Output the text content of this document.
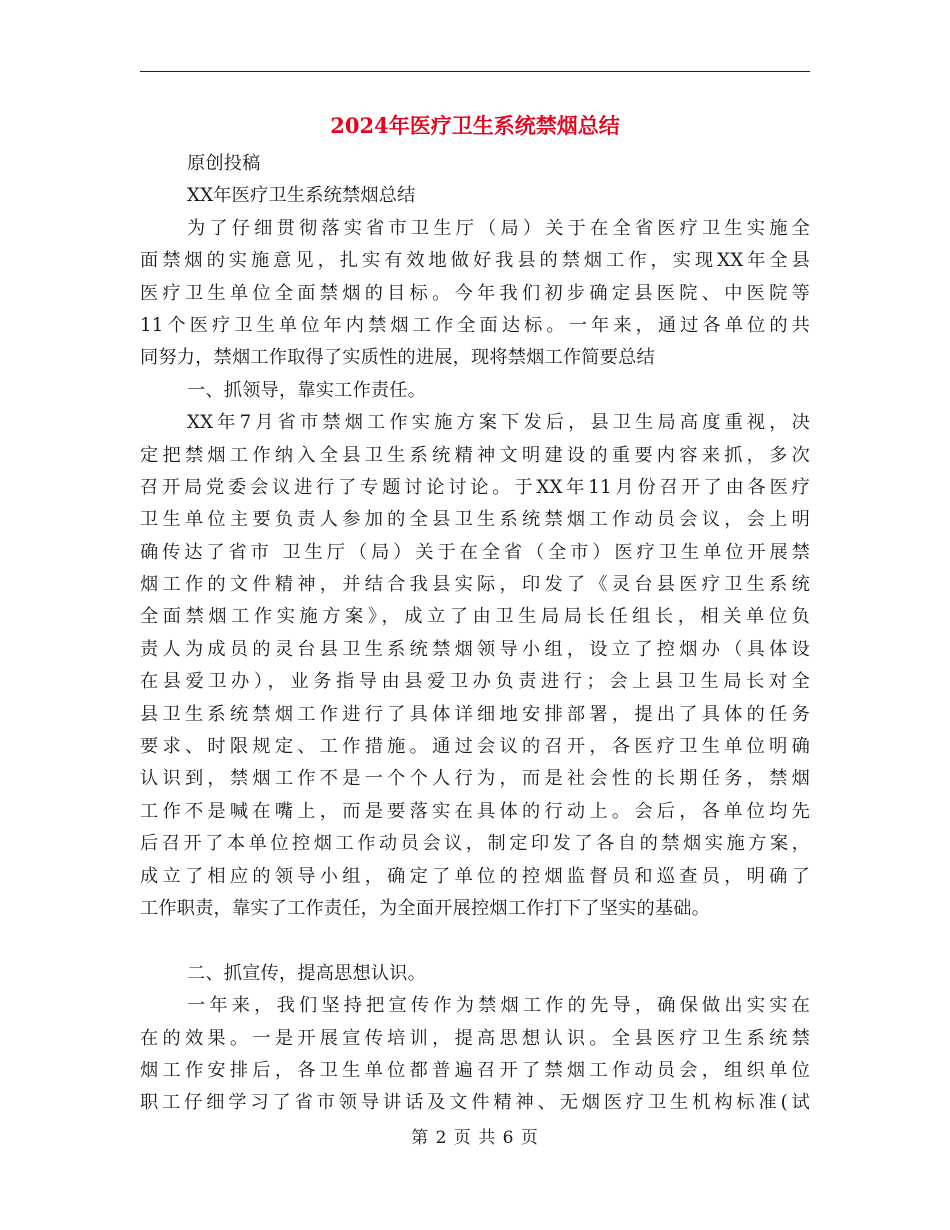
2024年医疗卫生系统禁烟总结
原创投稿
XX年医疗卫生系统禁烟总结
为了仔细贯彻落实省市卫生厅（局）关于在全省医疗卫生实施全
面禁烟的实施意见，扎实有效地做好我县的禁烟工作，实现XX年全县
医疗卫生单位全面禁烟的目标。今年我们初步确定县医院、中医院等
11个医疗卫生单位年内禁烟工作全面达标。一年来，通过各单位的共
同努力，禁烟工作取得了实质性的进展，现将禁烟工作简要总结
一、抓领导，靠实工作责任。
XX年7月省市禁烟工作实施方案下发后，县卫生局高度重视，决
定把禁烟工作纳入全县卫生系统精神文明建设的重要内容来抓，多次
召开局党委会议进行了专题讨论讨论。于XX年11月份召开了由各医疗
卫生单位主要负责人参加的全县卫生系统禁烟工作动员会议，会上明
确传达了省市 卫生厅（局）关于在全省（全市）医疗卫生单位开展禁
烟工作的文件精神，并结合我县实际，印发了《灵台县医疗卫生系统
全面禁烟工作实施方案》，成立了由卫生局局长任组长，相关单位负
责人为成员的灵台县卫生系统禁烟领导小组，设立了控烟办（具体设
在县爱卫办），业务指导由县爱卫办负责进行；会上县卫生局长对全
县卫生系统禁烟工作进行了具体详细地安排部署，提出了具体的任务
要求、时限规定、工作措施。通过会议的召开，各医疗卫生单位明确
认识到，禁烟工作不是一个个人行为，而是社会性的长期任务，禁烟
工作不是喊在嘴上，而是要落实在具体的行动上。会后，各单位均先
后召开了本单位控烟工作动员会议，制定印发了各自的禁烟实施方案，
成立了相应的领导小组，确定了单位的控烟监督员和巡查员，明确了
工作职责，靠实了工作责任，为全面开展控烟工作打下了坚实的基础。
二、抓宣传，提高思想认识。
一年来，我们坚持把宣传作为禁烟工作的先导，确保做出实实在
在的效果。一是开展宣传培训，提高思想认识。全县医疗卫生系统禁
烟工作安排后，各卫生单位都普遍召开了禁烟工作动员会，组织单位
职工仔细学习了省市领导讲话及文件精神、无烟医疗卫生机构标准(试
第 2 页 共 6 页
